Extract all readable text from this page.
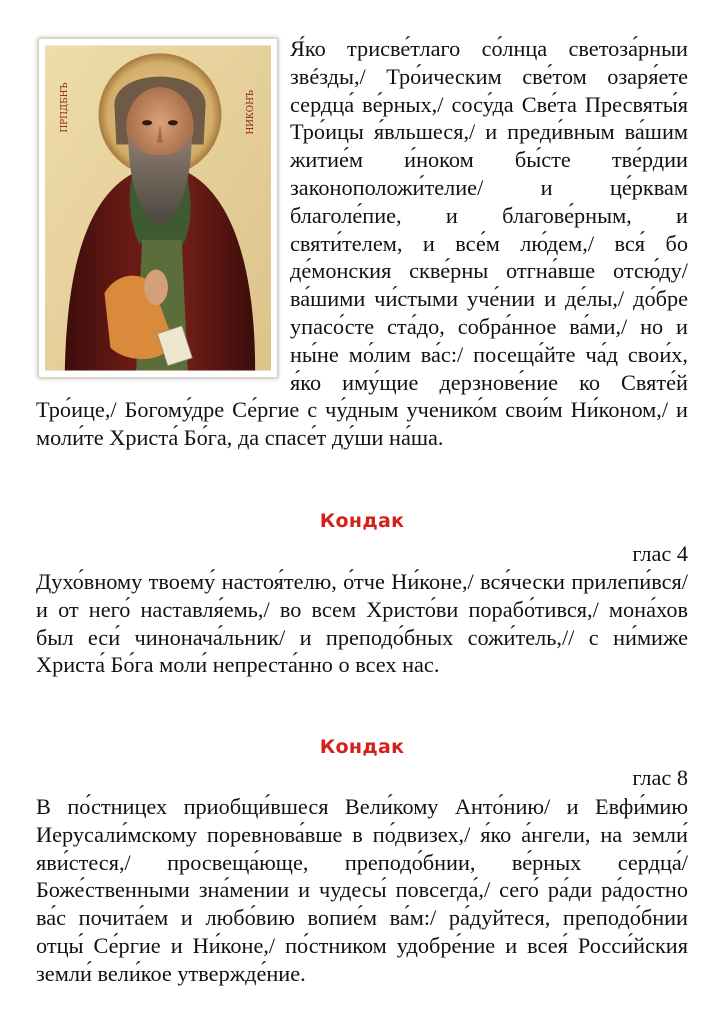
ПРПДБНЪ	НИКОНЪ

Я́ко трисве́тлаго со́лнца светоза́рныи звéзды,/ Тро́ическим све́том озаря́ете сердца́ ве́рных,/ сосу́да Све́та Пресвяты́я Тро́ицы я́вльшеся,/ и преди́вным ва́шим житие́м и́ноком бы́сте тве́рдии законоположи́телие/ и це́рквам благоле́пие, и благове́рным, и святи́телем, и все́м лю́дем,/ вся́ бо де́монския скве́рны отгна́вше отсю́ду/ ва́шими чи́стыми уче́нии и де́лы,/ до́бре упасо́сте ста́до, собра́нное ва́ми,/ но и ны́не мо́лим ва́с:/ посеща́йте ча́д свои́х, я́ко иму́щие дерзнове́ние ко Святе́й Тро́ице,/ Богому́дре Се́ргие с чу́дным ученико́м свои́м Ни́коном,/ и моли́те Христа́ Бо́га, да спасе́т ду́ши на́ша.

Кондак

глас 4

Духо́вному твоему́ настоя́телю, о́тче Ни́коне,/ вся́чески прилепи́вся/ и от него́ наставля́емь,/ во всем Христо́ви порабо́тився,/ мона́хов был еси́ чинонача́льник/ и преподо́бных сожи́тель,// с ни́миже Христа́ Бо́га моли́ непреста́нно о всех нас.

Кондак

глас 8

В по́стницех приобщи́вшеся Вели́кому Анто́нию/ и Евфи́мию Иерусали́мскому поревнова́вше в по́двизех,/ я́ко а́нгели, на земли́ яви́стеся,/ просвеща́юще, преподо́бнии, ве́рных сердца́/ Боже́ственными зна́мении и чудесы́ повсегда́,/ сего́ ра́ди ра́достно ва́с почита́ем и любо́вию вопие́м ва́м:/ ра́дуйтеся, преподо́бнии отцы́ Се́ргие и Ни́коне,/ по́стником удобре́ние и всея́ Росси́йския земли́ вели́кое утвержде́ние.
